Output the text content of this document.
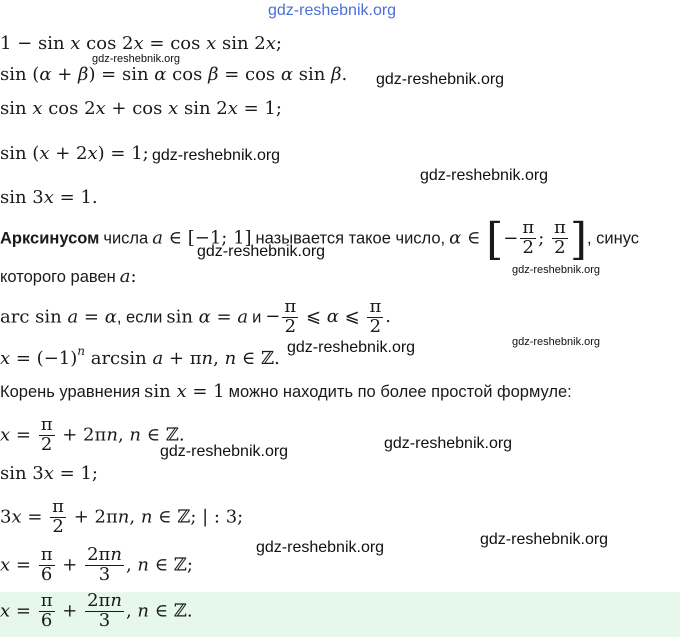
1 − sin x cos 2x = cos x sin 2x;
sin (α + β) = sin α cos β = cos α sin β.
sin x cos 2x + cos x sin 2x = 1;
sin (x + 2x) = 1;
sin 3x = 1.
Арксинусом числа a ∈ [−1; 1] называется такое число, α ∈ [− $\frac{\pi}{2}$ ; $\frac{\pi}{2}$ ], синус
которого равен a:
arc sin a = α, если sin α = a $и - \frac{\pi}{2}$ ⩽ α ⩽ $\frac{\pi}{2}$ .
$x = (-1)^n$ arcsin a + πn, n ∈ ℤ.
Корень уравнения sin x = 1 можно находить по более простой формуле:
$x = \frac{\pi}{2} + 2\pi n$, n ∈ ℤ.
sin 3x = 1;
$3x = \frac{\pi}{2} + 2\pi n$, n ∈ ℤ; | : 3;
$x = \frac{\pi}{6} + \frac{2\pi n}{3}$ , n ∈ ℤ;
$x = \frac{\pi}{6} + \frac{2\pi n}{3}$ , n ∈ ℤ.
gdz-reshebnik.org
gdz-reshebnik.org
gdz-reshebnik.org
gdz-reshebnik.org
gdz-reshebnik.org
gdz-reshebnik.org
gdz-reshebnik.org
gdz-reshebnik.org	gdz-reshebnik.org
gdz-reshebnik.org
gdz-reshebnik.org
gdz-reshebnik.org
gdz-reshebnik.org
